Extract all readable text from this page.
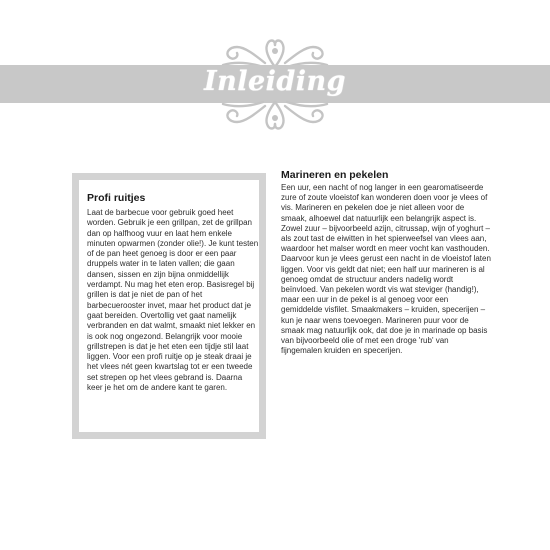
Inleiding
Profi ruitjes
Laat de barbecue voor gebruik goed heet worden. Gebruik je een grillpan, zet de grillpan dan op halfhoog vuur en laat hem enkele minuten opwarmen (zonder olie!). Je kunt testen of de pan heet genoeg is door er een paar druppels water in te laten vallen; die gaan dansen, sissen en zijn bijna onmiddellijk verdampt. Nu mag het eten erop. Basisregel bij grillen is dat je niet de pan of het barbecuerooster invet, maar het product dat je gaat bereiden. Overtollig vet gaat namelijk verbranden en dat walmt, smaakt niet lekker en is ook nog ongezond. Belangrijk voor mooie grillstrepen is dat je het eten een tijdje stil laat liggen. Voor een profi ruitje op je steak draai je het vlees nét geen kwartslag tot er een tweede set strepen op het vlees gebrand is. Daarna keer je het om de andere kant te garen.
Marineren en pekelen
Een uur, een nacht of nog langer in een gearomatiseerde zure of zoute vloeistof kan wonderen doen voor je vlees of vis. Marineren en pekelen doe je niet alleen voor de smaak, alhoewel dat natuurlijk een belangrijk aspect is. Zowel zuur – bijvoorbeeld azijn, citrussap, wijn of yoghurt – als zout tast de eiwitten in het spierweefsel van vlees aan, waardoor het malser wordt en meer vocht kan vasthouden. Daarvoor kun je vlees gerust een nacht in de vloeistof laten liggen. Voor vis geldt dat niet; een half uur marineren is al genoeg omdat de structuur anders nadelig wordt beïnvloed. Van pekelen wordt vis wat steviger (handig!), maar een uur in de pekel is al genoeg voor een gemiddelde visfilet. Smaakmakers – kruiden, specerijen – kun je naar wens toevoegen. Marineren puur voor de smaak mag natuurlijk ook, dat doe je in marinade op basis van bijvoorbeeld olie of met een droge 'rub' van fijngemalen kruiden en specerijen.
